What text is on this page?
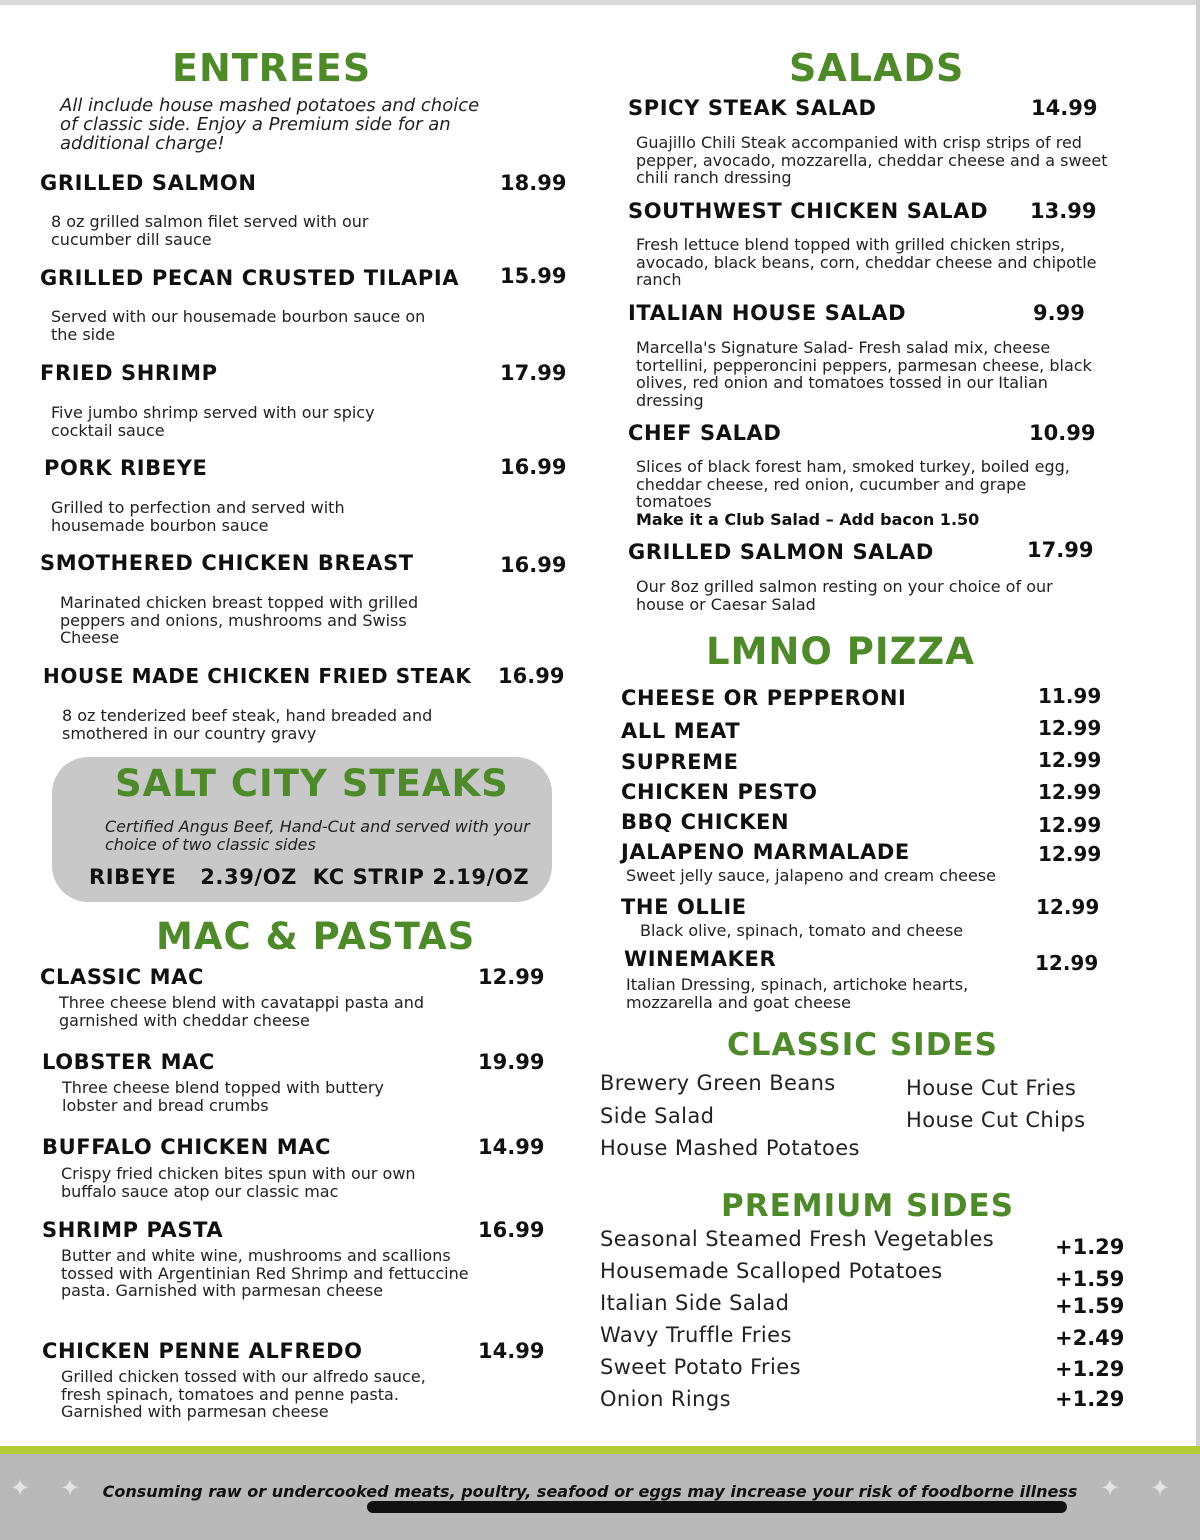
ENTREES
All include house mashed potatoes and choice of classic side. Enjoy a Premium side for an additional charge!
GRILLED SALMON	18.99
8 oz grilled salmon filet served with our cucumber dill sauce
GRILLED PECAN CRUSTED TILAPIA 15.99
Served with our housemade bourbon sauce on the side
FRIED SHRIMP	17.99
Five jumbo shrimp served with our spicy cocktail sauce
PORK RIBEYE	16.99
Grilled to perfection and served with housemade bourbon sauce
SMOTHERED CHICKEN BREAST	16.99
Marinated chicken breast topped with grilled peppers and onions, mushrooms and Swiss Cheese
HOUSE MADE CHICKEN FRIED STEAK 16.99
8 oz tenderized beef steak, hand breaded and smothered in our country gravy
SALT CITY STEAKS
Certified Angus Beef, Hand-Cut and served with your choice of two classic sides
RIBEYE   2.39/OZ  KC STRIP 2.19/OZ
MAC & PASTAS
CLASSIC MAC	12.99
Three cheese blend with cavatappi pasta and garnished with cheddar cheese
LOBSTER MAC	19.99
Three cheese blend topped with buttery lobster and bread crumbs
BUFFALO CHICKEN MAC	14.99
Crispy fried chicken bites spun with our own buffalo sauce atop our classic mac
SHRIMP PASTA	16.99
Butter and white wine, mushrooms and scallions tossed with Argentinian Red Shrimp and fettuccine pasta. Garnished with parmesan cheese
CHICKEN PENNE ALFREDO	14.99
Grilled chicken tossed with our alfredo sauce, fresh spinach, tomatoes and penne pasta. Garnished with parmesan cheese
SALADS
SPICY STEAK SALAD	14.99
Guajillo Chili Steak accompanied with crisp strips of red pepper, avocado, mozzarella, cheddar cheese and a sweet chili ranch dressing
SOUTHWEST CHICKEN SALAD 13.99
Fresh lettuce blend topped with grilled chicken strips, avocado, black beans, corn, cheddar cheese and chipotle ranch
ITALIAN HOUSE SALAD	9.99
Marcella's Signature Salad- Fresh salad mix, cheese tortellini, pepperoncini peppers, parmesan cheese, black olives, red onion and tomatoes tossed in our Italian dressing
CHEF SALAD	10.99
Slices of black forest ham, smoked turkey, boiled egg, cheddar cheese, red onion, cucumber and grape tomatoes
Make it a Club Salad – Add bacon 1.50
GRILLED SALMON SALAD	17.99
Our 8oz grilled salmon resting on your choice of our house or Caesar Salad
LMNO PIZZA
CHEESE OR PEPPERONI	11.99
ALL MEAT	12.99
SUPREME	12.99
CHICKEN PESTO	12.99
BBQ CHICKEN	12.99
JALAPENO MARMALADE	12.99
Sweet jelly sauce, jalapeno and cream cheese
THE OLLIE	12.99
Black olive, spinach, tomato and cheese
WINEMAKER	12.99
Italian Dressing, spinach, artichoke hearts, mozzarella and goat cheese
CLASSIC SIDES
Brewery Green Beans
Side Salad
House Mashed Potatoes
House Cut Fries
House Cut Chips
PREMIUM SIDES
Seasonal Steamed Fresh Vegetables	+1.29
Housemade Scalloped Potatoes	+1.59
Italian Side Salad	+1.59
Wavy Truffle Fries	+2.49
Sweet Potato Fries	+1.29
Onion Rings	+1.29
✦ ✦	✦ ✦
Consuming raw or undercooked meats, poultry, seafood or eggs may increase your risk of foodborne illness
